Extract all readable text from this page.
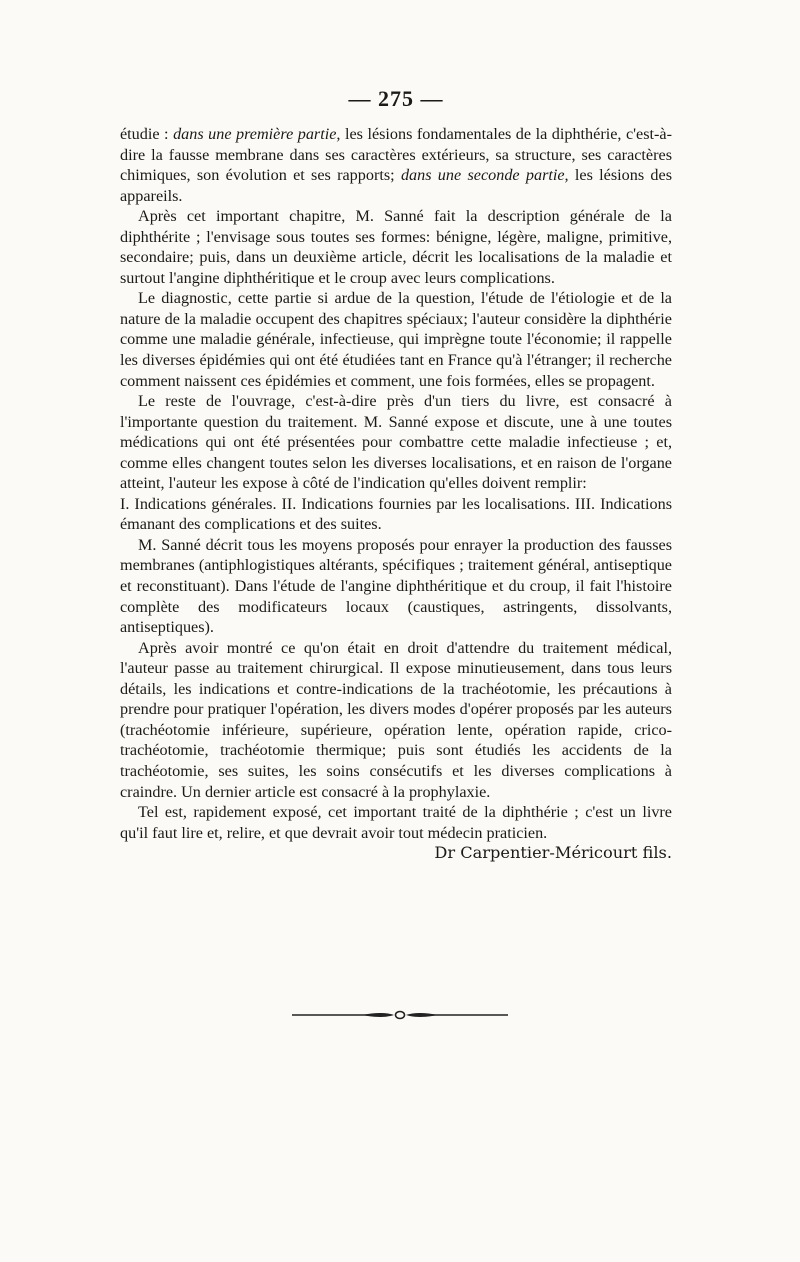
— 275 —

étudie : dans une première partie, les lésions fondamentales de la diphthérie, c'est-à-dire la fausse membrane dans ses caractères extérieurs, sa structure, ses caractères chimiques, son évolution et ses rapports; dans une seconde partie, les lésions des appareils.

Après cet important chapitre, M. Sanné fait la description générale de la diphthérite ; l'envisage sous toutes ses formes: bénigne, légère, maligne, primitive, secondaire; puis, dans un deuxième article, décrit les localisations de la maladie et surtout l'angine diphthéritique et le croup avec leurs complications.

Le diagnostic, cette partie si ardue de la question, l'étude de l'étiologie et de la nature de la maladie occupent des chapitres spéciaux; l'auteur considère la diphthérie comme une maladie générale, infectieuse, qui imprègne toute l'économie; il rappelle les diverses épidémies qui ont été étudiées tant en France qu'à l'étranger; il recherche comment naissent ces épidémies et comment, une fois formées, elles se propagent.

Le reste de l'ouvrage, c'est-à-dire près d'un tiers du livre, est consacré à l'importante question du traitement. M. Sanné expose et discute, une à une toutes médications qui ont été présentées pour combattre cette maladie infectieuse ; et, comme elles changent toutes selon les diverses localisations, et en raison de l'organe atteint, l'auteur les expose à côté de l'indication qu'elles doivent remplir:

I. Indications générales. II. Indications fournies par les localisations. III. Indications émanant des complications et des suites.

M. Sanné décrit tous les moyens proposés pour enrayer la production des fausses membranes (antiphlogistiques altérants, spécifiques ; traitement général, antiseptique et reconstituant). Dans l'étude de l'angine diphthéritique et du croup, il fait l'histoire complète des modificateurs locaux (caustiques, astringents, dissolvants, antiseptiques).

Après avoir montré ce qu'on était en droit d'attendre du traitement médical, l'auteur passe au traitement chirurgical. Il expose minutieusement, dans tous leurs détails, les indications et contre-indications de la trachéotomie, les précautions à prendre pour pratiquer l'opération, les divers modes d'opérer proposés par les auteurs (trachéotomie inférieure, supérieure, opération lente, opération rapide, crico-trachéotomie, trachéotomie thermique; puis sont étudiés les accidents de la trachéotomie, ses suites, les soins consécutifs et les diverses complications à craindre. Un dernier article est consacré à la prophylaxie.

Tel est, rapidement exposé, cet important traité de la diphthérie ; c'est un livre qu'il faut lire et, relire, et que devrait avoir tout médecin praticien.

Dr Carpentier-Méricourt fils.
